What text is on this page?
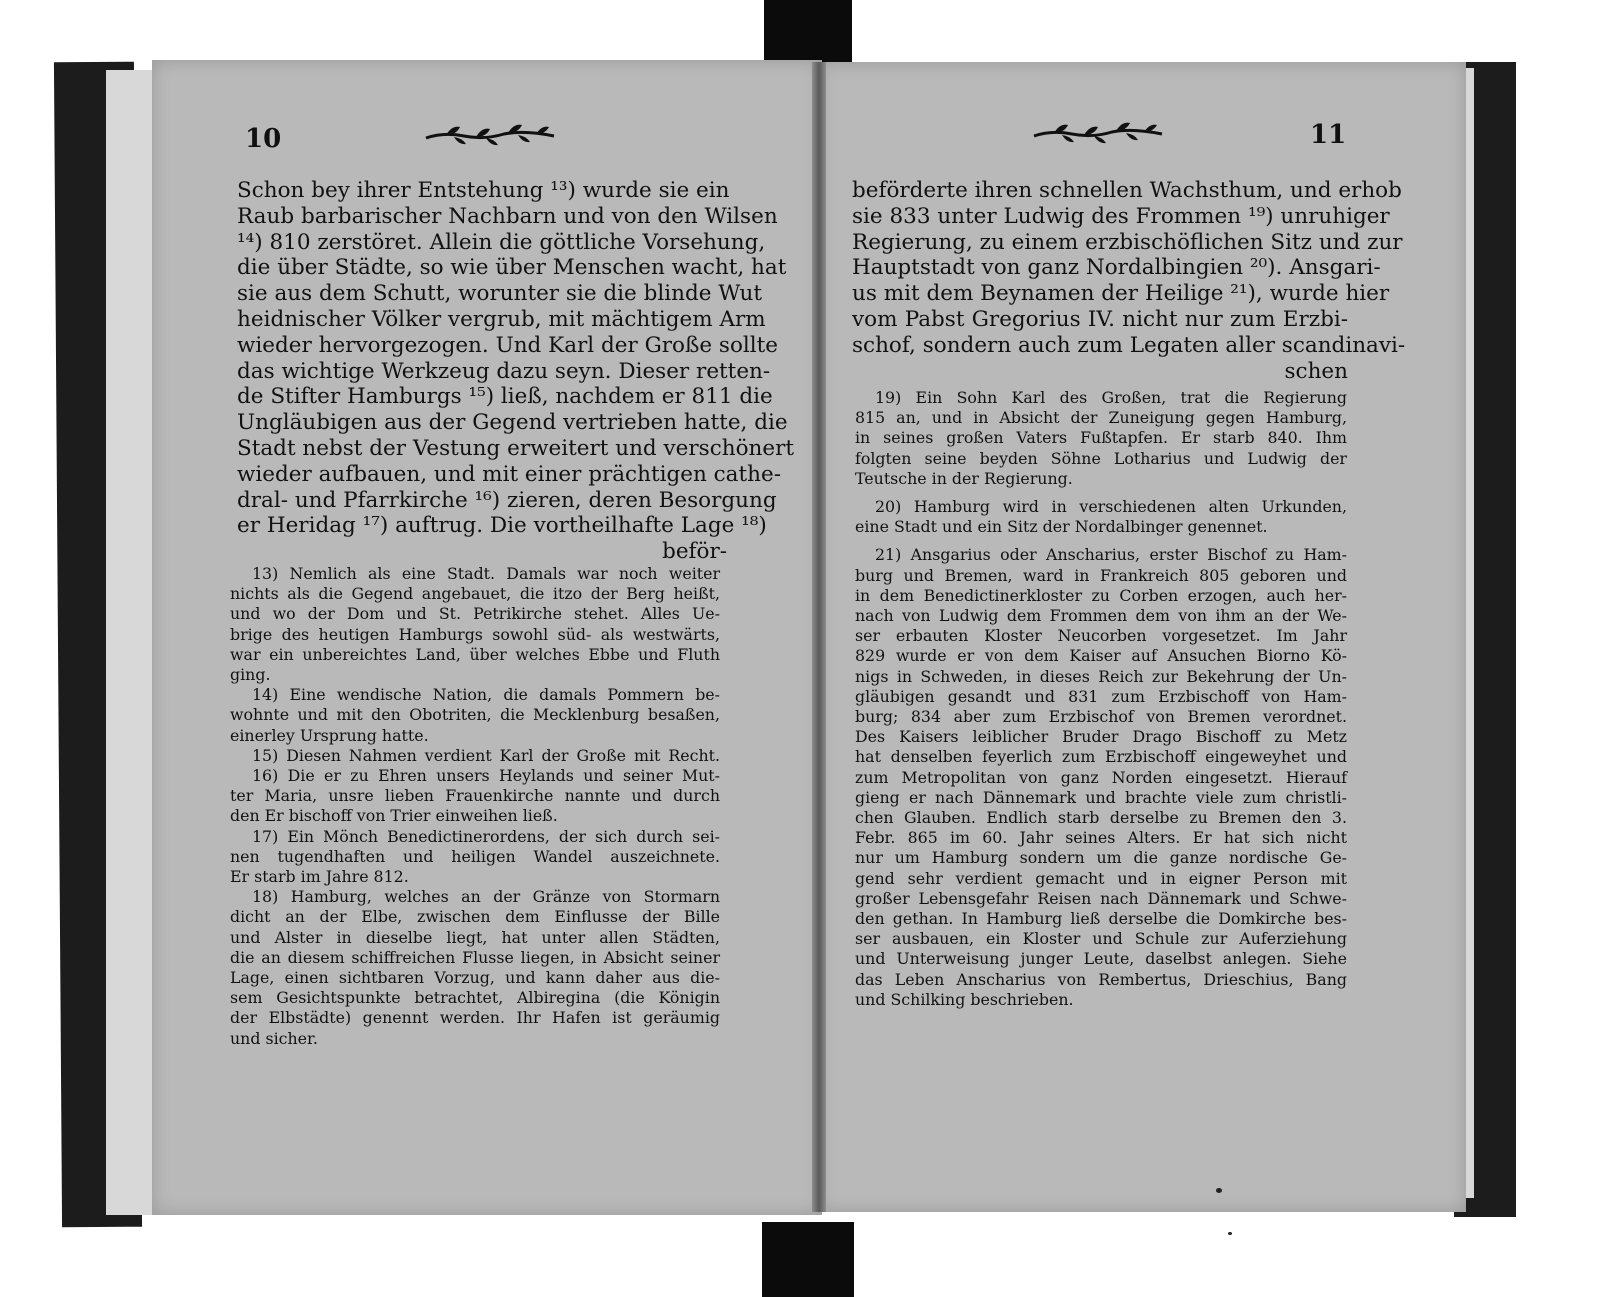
10

Schon bey ihrer Entstehung ¹³) wurde sie ein

Raub barbarischer Nachbarn und von den Wilsen

¹⁴) 810 zerstöret. Allein die göttliche Vorsehung,

die über Städte, so wie über Menschen wacht, hat

sie aus dem Schutt, worunter sie die blinde Wut

heidnischer Völker vergrub, mit mächtigem Arm

wieder hervorgezogen. Und Karl der Große sollte

das wichtige Werkzeug dazu seyn. Dieser retten-

de Stifter Hamburgs ¹⁵) ließ, nachdem er 811 die

Ungläubigen aus der Gegend vertrieben hatte, die

Stadt nebst der Vestung erweitert und verschönert

wieder aufbauen, und mit einer prächtigen cathe-

dral- und Pfarrkirche ¹⁶) zieren, deren Besorgung

er Heridag ¹⁷) auftrug. Die vortheilhafte Lage ¹⁸)

beför-

13) Nemlich als eine Stadt. Damals war noch weiter

nichts als die Gegend angebauet, die itzo der Berg heißt,

und wo der Dom und St. Petrikirche stehet. Alles Ue-

brige des heutigen Hamburgs sowohl süd- als westwärts,

war ein unbereichtes Land, über welches Ebbe und Fluth

ging.

14) Eine wendische Nation, die damals Pommern be-

wohnte und mit den Obotriten, die Mecklenburg besaßen,

einerley Ursprung hatte.

15) Diesen Nahmen verdient Karl der Große mit Recht.

16) Die er zu Ehren unsers Heylands und seiner Mut-

ter Maria, unsre lieben Frauenkirche nannte und durch

den Er bischoff von Trier einweihen ließ.

17) Ein Mönch Benedictinerordens, der sich durch sei-

nen tugendhaften und heiligen Wandel auszeichnete.

Er starb im Jahre 812.

18) Hamburg, welches an der Gränze von Stormarn

dicht an der Elbe, zwischen dem Einflusse der Bille

und Alster in dieselbe liegt, hat unter allen Städten,

die an diesem schiffreichen Flusse liegen, in Absicht seiner

Lage, einen sichtbaren Vorzug, und kann daher aus die-

sem Gesichtspunkte betrachtet, Albiregina (die Königin

der Elbstädte) genennt werden. Ihr Hafen ist geräumig

und sicher.

11

beförderte ihren schnellen Wachsthum, und erhob

sie 833 unter Ludwig des Frommen ¹⁹) unruhiger

Regierung, zu einem erzbischöflichen Sitz und zur

Hauptstadt von ganz Nordalbingien ²⁰). Ansgari-

us mit dem Beynamen der Heilige ²¹), wurde hier

vom Pabst Gregorius IV. nicht nur zum Erzbi-

schof, sondern auch zum Legaten aller scandinavi-

schen

19) Ein Sohn Karl des Großen, trat die Regierung

815 an, und in Absicht der Zuneigung gegen Hamburg,

in seines großen Vaters Fußtapfen. Er starb 840. Ihm

folgten seine beyden Söhne Lotharius und Ludwig der

Teutsche in der Regierung.

20) Hamburg wird in verschiedenen alten Urkunden,

eine Stadt und ein Sitz der Nordalbinger genennet.

21) Ansgarius oder Anscharius, erster Bischof zu Ham-

burg und Bremen, ward in Frankreich 805 geboren und

in dem Benedictinerkloster zu Corben erzogen, auch her-

nach von Ludwig dem Frommen dem von ihm an der We-

ser erbauten Kloster Neucorben vorgesetzet. Im Jahr

829 wurde er von dem Kaiser auf Ansuchen Biorno Kö-

nigs in Schweden, in dieses Reich zur Bekehrung der Un-

gläubigen gesandt und 831 zum Erzbischoff von Ham-

burg; 834 aber zum Erzbischof von Bremen verordnet.

Des Kaisers leiblicher Bruder Drago Bischoff zu Metz

hat denselben feyerlich zum Erzbischoff eingeweyhet und

zum Metropolitan von ganz Norden eingesetzt. Hierauf

gieng er nach Dännemark und brachte viele zum christli-

chen Glauben. Endlich starb derselbe zu Bremen den 3.

Febr. 865 im 60. Jahr seines Alters. Er hat sich nicht

nur um Hamburg sondern um die ganze nordische Ge-

gend sehr verdient gemacht und in eigner Person mit

großer Lebensgefahr Reisen nach Dännemark und Schwe-

den gethan. In Hamburg ließ derselbe die Domkirche bes-

ser ausbauen, ein Kloster und Schule zur Auferziehung

und Unterweisung junger Leute, daselbst anlegen. Siehe

das Leben Anscharius von Rembertus, Drieschius, Bang

und Schilking beschrieben.
